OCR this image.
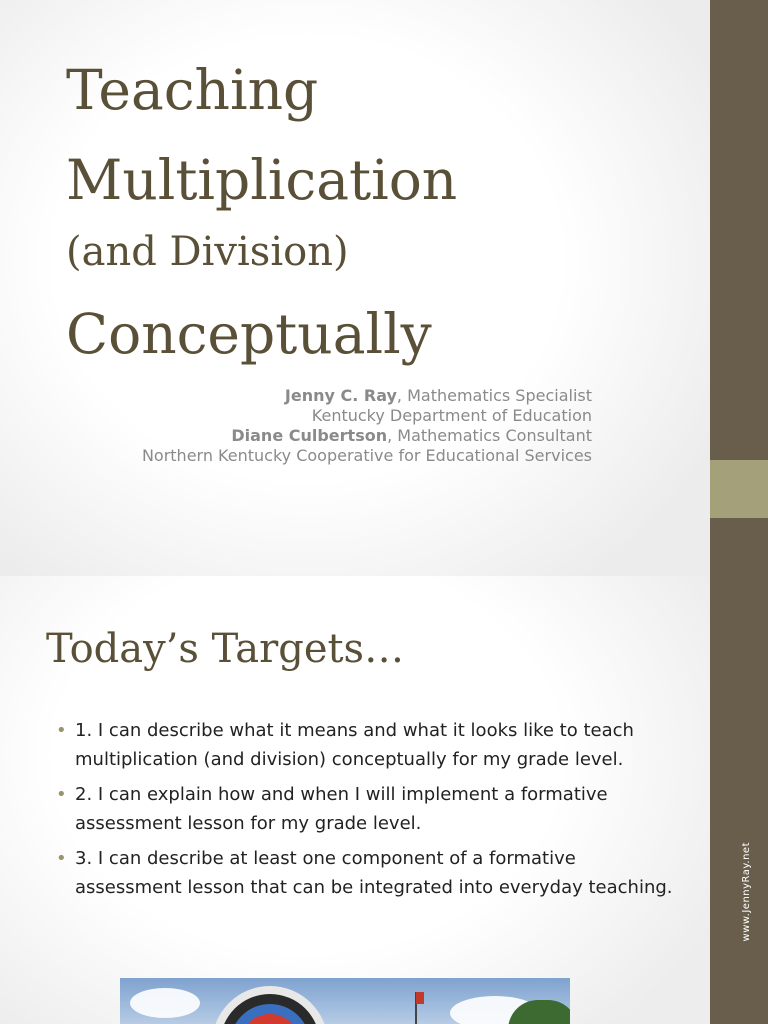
Teaching
Multiplication
(and Division)
Conceptually
Jenny C. Ray, Mathematics Specialist
Kentucky Department of Education
Diane Culbertson, Mathematics Consultant
Northern Kentucky Cooperative for Educational Services
www.JennyRay.net
Today’s Targets…
• 1. I can describe what it means and what it looks like to teach multiplication (and division) conceptually for my grade level.
• 2. I can explain how and when I will implement a formative assessment lesson for my grade level.
• 3. I can describe at least one component of a formative assessment lesson that can be integrated into everyday teaching.
